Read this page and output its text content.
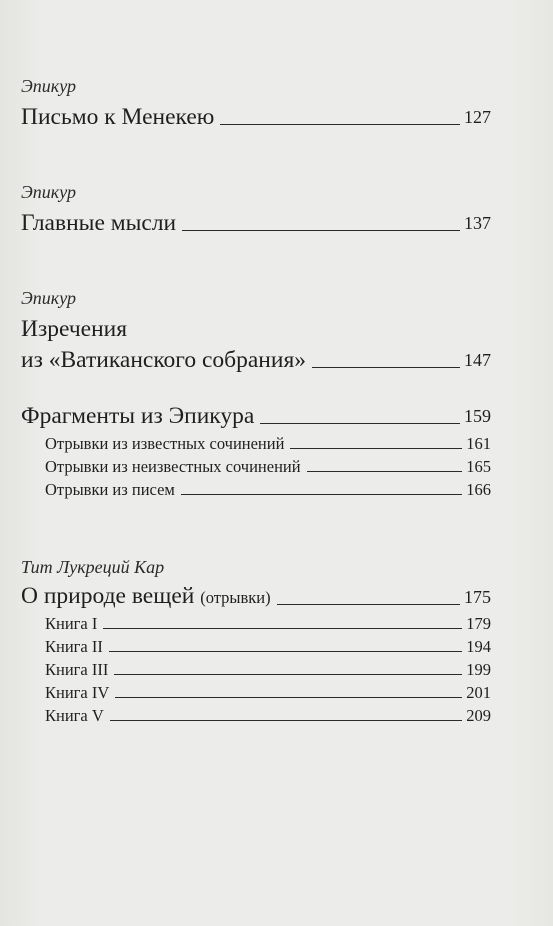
Эпикур

Письмо к Менекею	127

Эпикур

Главные мысли	137

Эпикур

Изречения

из «Ватиканского собрания»	147
Фрагменты из Эпикура	159
Отрывки из известных сочинений	161
Отрывки из неизвестных сочинений	165
Отрывки из писем	166

Тит Лукреций Кар

О природе вещей (отрывки)	175
Книга I	179
Книга II	194
Книга III	199
Книга IV	201
Книга V	209
